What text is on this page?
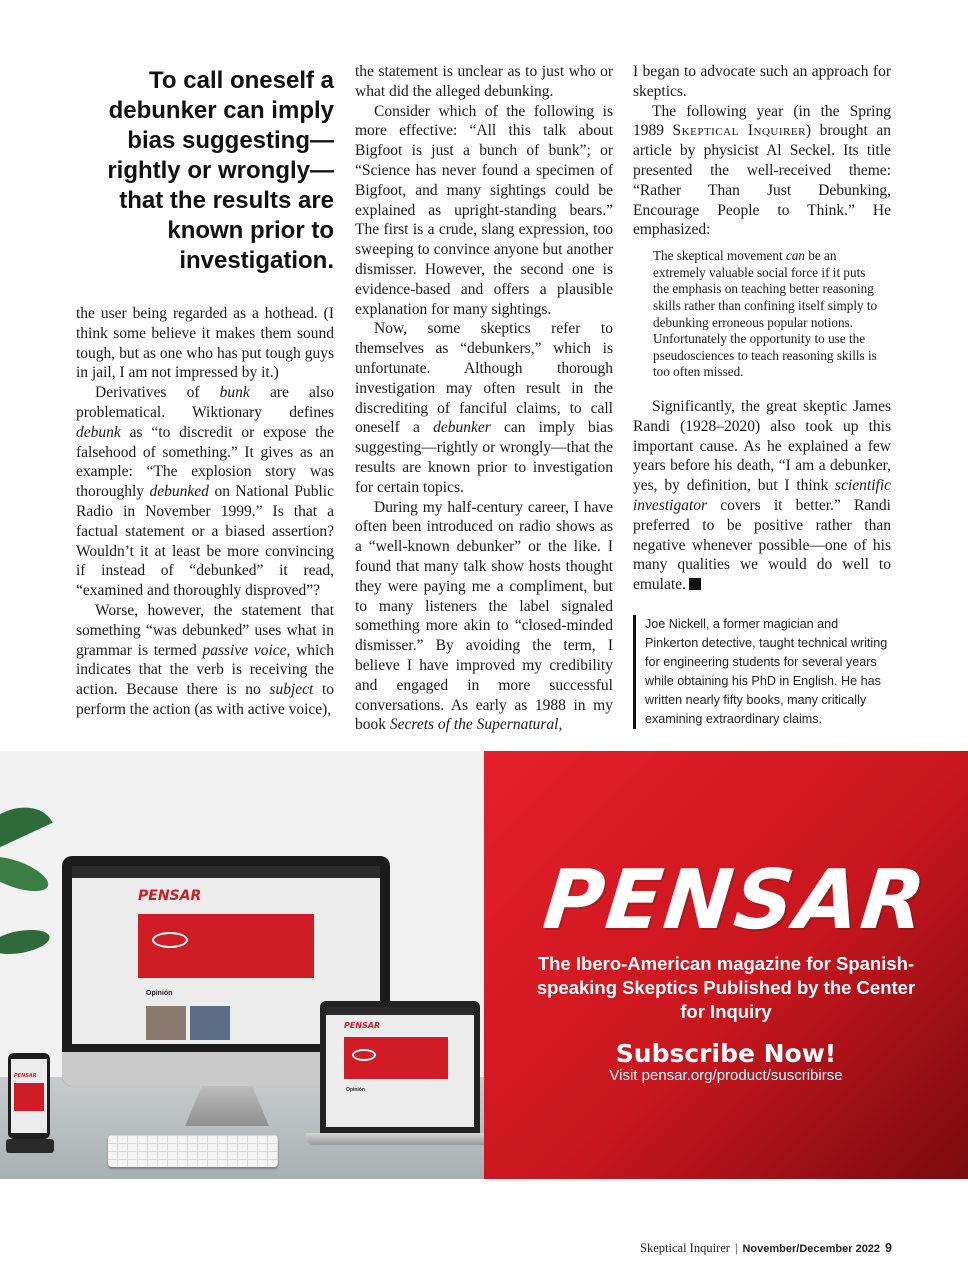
To call oneself a debunker can imply bias suggesting—rightly or wrongly—that the results are known prior to investigation.

the user being regarded as a hothead. (I think some believe it makes them sound tough, but as one who has put tough guys in jail, I am not impressed by it.)

Derivatives of bunk are also problematical. Wiktionary defines debunk as “to discredit or expose the falsehood of something.” It gives as an example: “The explosion story was thoroughly debunked on National Public Radio in November 1999.” Is that a factual statement or a biased assertion? Wouldn’t it at least be more convincing if instead of “debunked” it read, “examined and thoroughly disproved”?

Worse, however, the statement that something “was debunked” uses what in grammar is termed passive voice, which indicates that the verb is receiving the action. Because there is no subject to perform the action (as with active voice),

the statement is unclear as to just who or what did the alleged debunking.

Consider which of the following is more effective: “All this talk about Bigfoot is just a bunch of bunk”; or “Science has never found a specimen of Bigfoot, and many sightings could be explained as upright-standing bears.” The first is a crude, slang expression, too sweeping to convince anyone but another dismisser. However, the second one is evidence-based and offers a plausible explanation for many sightings.

Now, some skeptics refer to themselves as “debunkers,” which is unfortunate. Although thorough investigation may often result in the discrediting of fanciful claims, to call oneself a debunker can imply bias suggesting—rightly or wrongly—that the results are known prior to investigation for certain topics.

During my half-century career, I have often been introduced on radio shows as a “well-known debunker” or the like. I found that many talk show hosts thought they were paying me a compliment, but to many listeners the label signaled something more akin to “closed-minded dismisser.” By avoiding the term, I believe I have improved my credibility and engaged in more successful conversations. As early as 1988 in my book Secrets of the Supernatural,

I began to advocate such an approach for skeptics.

The following year (in the Spring 1989 Skeptical Inquirer) brought an article by physicist Al Seckel. Its title presented the well-received theme: “Rather Than Just Debunking, Encourage People to Think.” He emphasized:

The skeptical movement can be an extremely valuable social force if it puts the emphasis on teaching better reasoning skills rather than confining itself simply to debunking erroneous popular notions. Unfortunately the opportunity to use the pseudosciences to teach reasoning skills is too often missed.

Significantly, the great skeptic James Randi (1928–2020) also took up this important cause. As he explained a few years before his death, “I am a debunker, yes, by definition, but I think scientific investigator covers it better.” Randi preferred to be positive rather than negative whenever possible—one of his many qualities we would do well to emulate.

Joe Nickell, a former magician and Pinkerton detective, taught technical writing for engineering students for several years while obtaining his PhD in English. He has written nearly fifty books, many critically examining extraordinary claims.
PENSAR
Opinión
PENSAR
Opinión
PENSAR
PENSAR
The Ibero-American magazine for Spanish-speaking Skeptics Published by the Center for Inquiry
Subscribe Now!
Visit pensar.org/product/suscribirse
Skeptical Inquirer | November/December 2022 9
